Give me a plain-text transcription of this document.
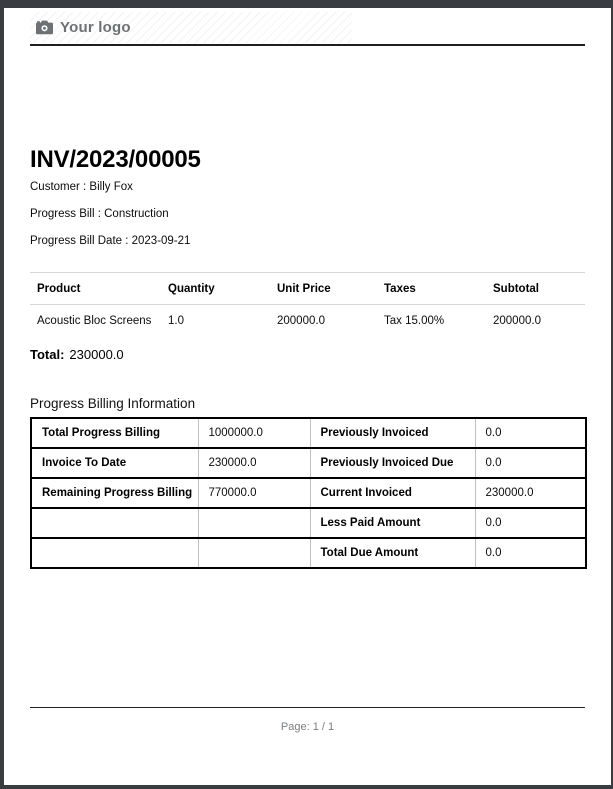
Your logo
INV/2023/00005
Customer : Billy Fox
Progress Bill : Construction
Progress Bill Date : 2023-09-21
Product	Quantity	Unit Price	Taxes	Subtotal
Acoustic Bloc Screens	1.0	200000.0	Tax 15.00%	200000.0
Total: 230000.0
Progress Billing Information
Total Progress Billing	1000000.0	Previously Invoiced	0.0
Invoice To Date	230000.0	Previously Invoiced Due	0.0
Remaining Progress Billing	770000.0	Current Invoiced	230000.0
		Less Paid Amount	0.0
		Total Due Amount	0.0
Page: 1 / 1
